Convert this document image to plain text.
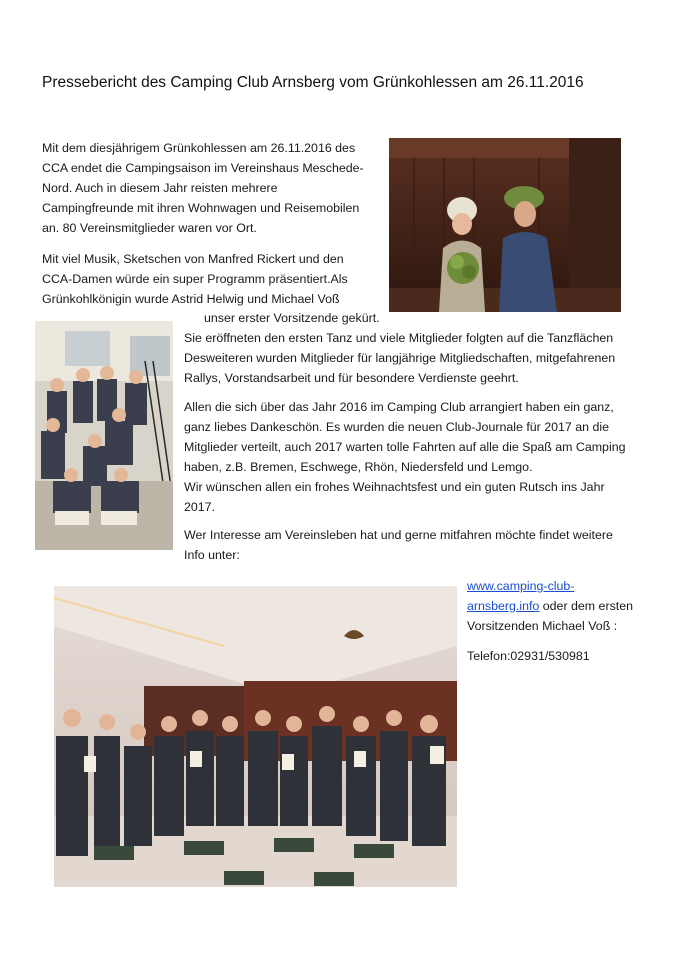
Pressebericht des Camping Club Arnsberg vom Grünkohlessen am 26.11.2016
Mit dem diesjährigem Grünkohlessen am 26.11.2016 des
CCA endet die Campingsaison im Vereinshaus Meschede-
Nord. Auch in diesem Jahr reisten mehrere
Campingfreunde mit ihren Wohnwagen und Reisemobilen
an. 80 Vereinsmitglieder waren vor Ort.
Mit viel Musik, Sketschen von Manfred Rickert und den
CCA-Damen würde ein super Programm präsentiert.Als
Grünkohlkönigin wurde Astrid Helwig und Michael Voß
unser erster Vorsitzende gekürt.
Sie eröffneten den ersten Tanz und viele Mitglieder folgten auf die Tanzflächen
Desweiteren wurden Mitglieder für langjährige Mitgliedschaften, mitgefahrenen
Rallys, Vorstandsarbeit und für besondere Verdienste geehrt.
Allen die sich über das Jahr 2016 im Camping Club arrangiert haben ein ganz,
ganz liebes Dankeschön. Es wurden die neuen Club-Journale für 2017 an die
Mitglieder verteilt, auch 2017 warten tolle Fahrten auf alle die Spaß am Camping
haben, z.B. Bremen, Eschwege, Rhön, Niedersfeld und Lemgo.
Wir wünschen allen ein frohes Weihnachtsfest und ein guten Rutsch ins Jahr
2017.
Wer Interesse am Vereinsleben hat und gerne mitfahren möchte findet weitere
Info unter:
www.camping-club-
arnsberg.info oder dem ersten
Vorsitzenden Michael Voß :
Telefon:02931/530981
